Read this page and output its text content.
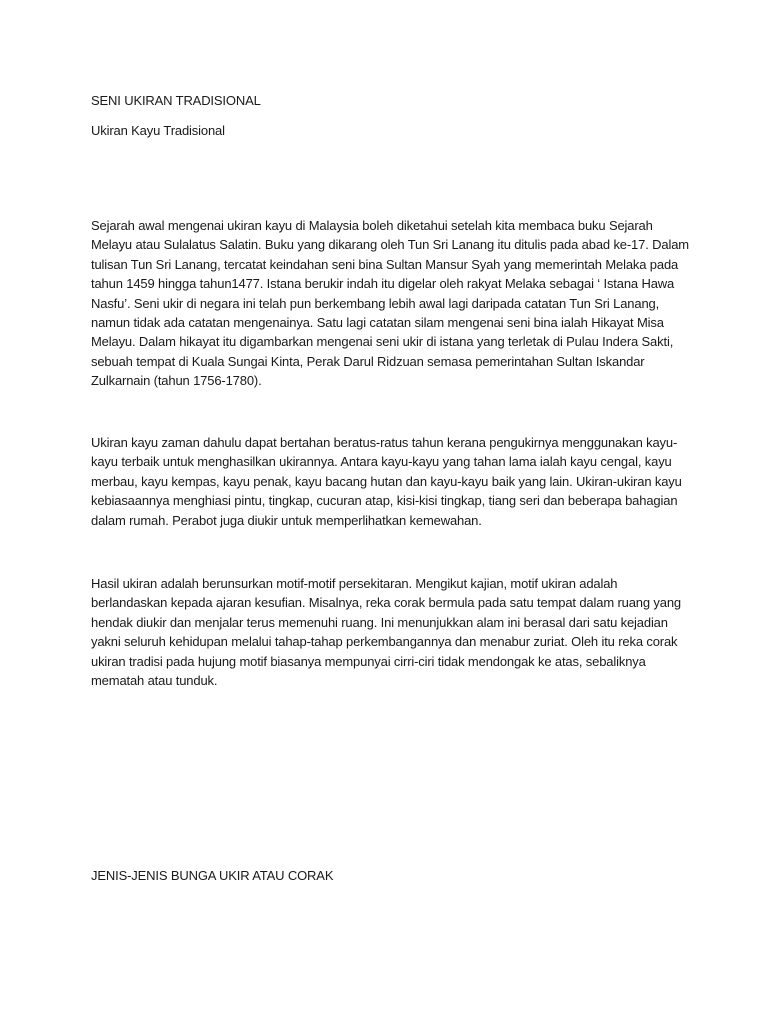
SENI UKIRAN TRADISIONAL

Ukiran Kayu Tradisional

Sejarah awal mengenai ukiran kayu di Malaysia boleh diketahui setelah kita membaca buku Sejarah Melayu atau Sulalatus Salatin. Buku yang dikarang oleh Tun Sri Lanang itu ditulis pada abad ke-17. Dalam tulisan Tun Sri Lanang, tercatat keindahan seni bina Sultan Mansur Syah yang memerintah Melaka pada tahun 1459 hingga tahun1477. Istana berukir indah itu digelar oleh rakyat Melaka sebagai ‘ Istana Hawa Nasfu’. Seni ukir di negara ini telah pun berkembang lebih awal lagi daripada catatan Tun Sri Lanang, namun tidak ada catatan mengenainya. Satu lagi catatan silam mengenai seni bina ialah Hikayat Misa Melayu. Dalam hikayat itu digambarkan mengenai seni ukir di istana yang terletak di Pulau Indera Sakti, sebuah tempat di Kuala Sungai Kinta, Perak Darul Ridzuan semasa pemerintahan Sultan Iskandar Zulkarnain (tahun 1756-1780).

Ukiran kayu zaman dahulu dapat bertahan beratus-ratus tahun kerana pengukirnya menggunakan kayu-kayu terbaik untuk menghasilkan ukirannya. Antara kayu-kayu yang tahan lama ialah kayu cengal, kayu merbau, kayu kempas, kayu penak, kayu bacang hutan dan kayu-kayu baik yang lain. Ukiran-ukiran kayu kebiasaannya menghiasi pintu, tingkap, cucuran atap, kisi-kisi tingkap, tiang seri dan beberapa bahagian dalam rumah. Perabot juga diukir untuk memperlihatkan kemewahan.

Hasil ukiran adalah berunsurkan motif-motif persekitaran. Mengikut kajian, motif ukiran adalah berlandaskan kepada ajaran kesufian. Misalnya, reka corak bermula pada satu tempat dalam ruang yang hendak diukir dan menjalar terus memenuhi ruang. Ini menunjukkan alam ini berasal dari satu kejadian yakni seluruh kehidupan melalui tahap-tahap perkembangannya dan menabur zuriat. Oleh itu reka corak ukiran tradisi pada hujung motif biasanya mempunyai cirri-ciri tidak mendongak ke atas, sebaliknya mematah atau tunduk.

JENIS-JENIS BUNGA UKIR ATAU CORAK
